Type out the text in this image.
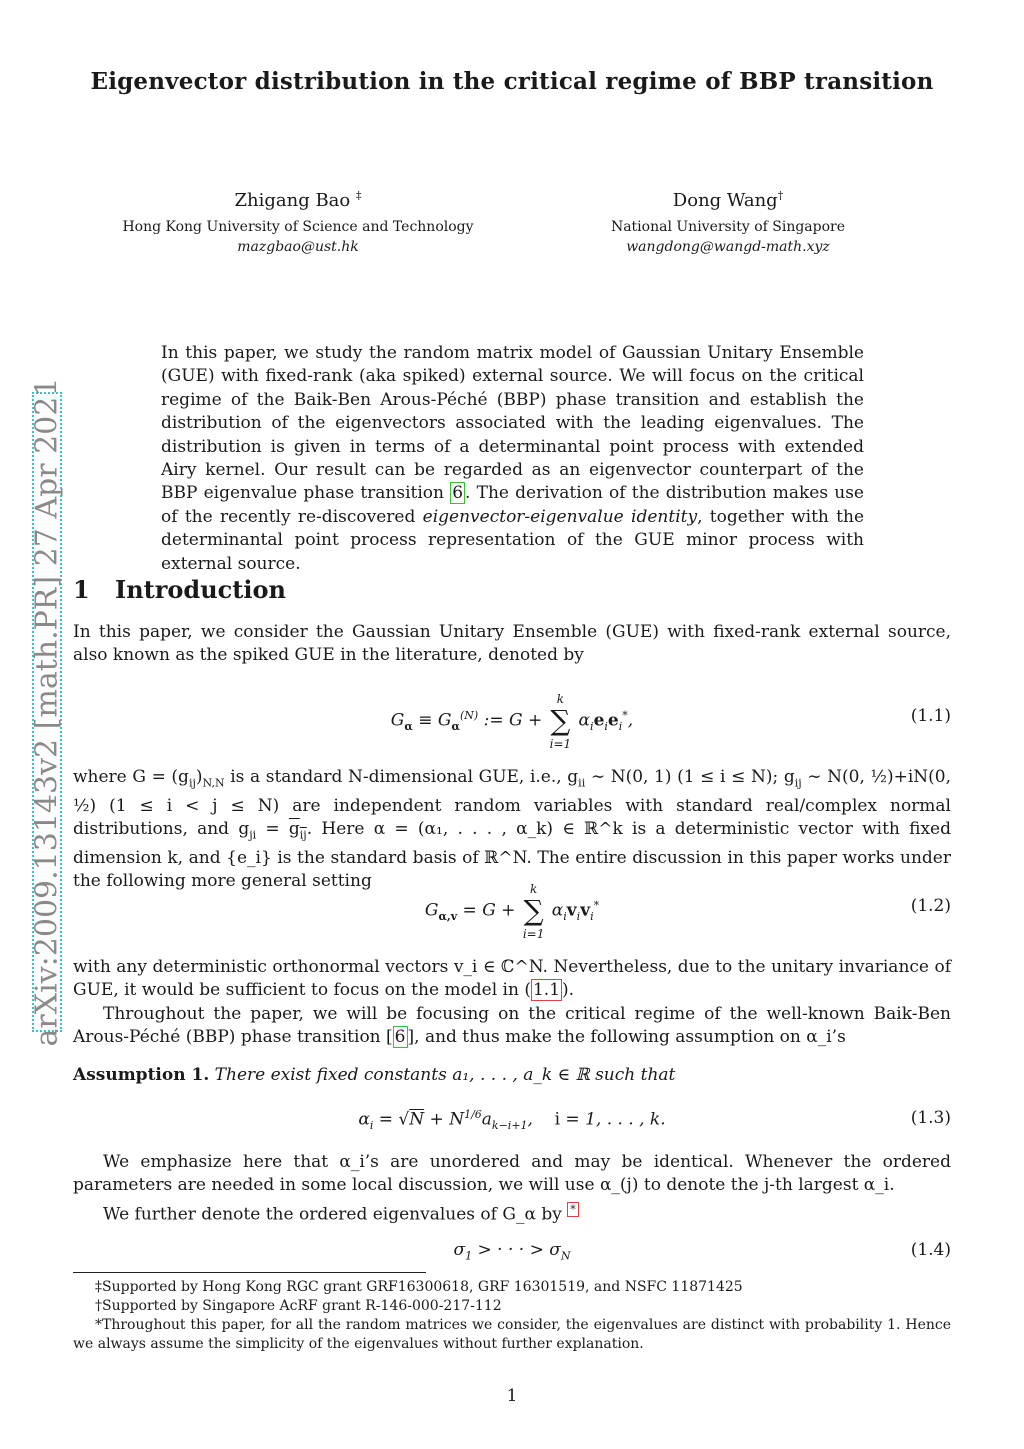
arXiv:2009.13143v2 [math.PR] 27 Apr 2021
Eigenvector distribution in the critical regime of BBP transition
Zhigang Bao ‡
Hong Kong University of Science and Technology
mazgbao@ust.hk
Dong Wang†
National University of Singapore
wangdong@wangd-math.xyz
In this paper, we study the random matrix model of Gaussian Unitary Ensemble (GUE) with fixed-rank (aka spiked) external source. We will focus on the critical regime of the Baik-Ben Arous-Péché (BBP) phase transition and establish the distribution of the eigenvectors associated with the leading eigenvalues. The distribution is given in terms of a determinantal point process with extended Airy kernel. Our result can be regarded as an eigenvector counterpart of the BBP eigenvalue phase transition 6 . The derivation of the distribution makes use of the recently re-discovered eigenvector-eigenvalue identity, together with the determinantal point process representation of the GUE minor process with external source.
1 Introduction
In this paper, we consider the Gaussian Unitary Ensemble (GUE) with fixed-rank external source, also known as the spiked GUE in the literature, denoted by
$G_\alpha \equiv G_\alpha^{(N)}$ := G + k
∑
i=1 $\alpha_ie_ie_i^*$,	(1.1)
where $G = (g_{ij})_{N,N}$ is a standard N-dimensional GUE, i.e., $g_{ii}$ ∼ N(0, 1) (1 ≤ i ≤ N); $g_{ij}$ ∼ N(0, ½)+iN(0, ½) (1 ≤ i < j ≤ N) are independent random variables with standard real/complex normal distributions, and $g_{ji} = g_{ij}$. Here α = (α₁, . . . , α_k) ∈ ℝ^k is a deterministic vector with fixed dimension k, and {e_i} is the standard basis of ℝ^N. The entire discussion in this paper works under the following more general setting
$G_{\alpha,v} = G + k$
∑
i=1 $\alpha_iv_iv_i^*$	(1.2)
with any deterministic orthonormal vectors v_i ∈ ℂ^N. Nevertheless, due to the unitary invariance of GUE, it would be sufficient to focus on the model in ( 1.1 ).
Throughout the paper, we will be focusing on the critical regime of the well-known Baik-Ben Arous-Péché (BBP) phase transition [ 6 ], and thus make the following assumption on α_i’s
Assumption 1. There exist fixed constants a₁, . . . , a_k ∈ ℝ such that
$\alpha_i = √N + N^{1/6}a_{k-i+1}$,    i = 1, . . . , k.	(1.3)
We emphasize here that α_i’s are unordered and may be identical. Whenever the ordered parameters are needed in some local discussion, we will use α_(j) to denote the j-th largest α_i.
We further denote the ordered eigenvalues of G_α by *
$\sigma_1$ > · · · > $\sigma_N$	(1.4)

‡Supported by Hong Kong RGC grant GRF16300618, GRF 16301519, and NSFC 11871425

†Supported by Singapore AcRF grant R-146-000-217-112

*Throughout this paper, for all the random matrices we consider, the eigenvalues are distinct with probability 1. Hence we always assume the simplicity of the eigenvalues without further explanation.

1
